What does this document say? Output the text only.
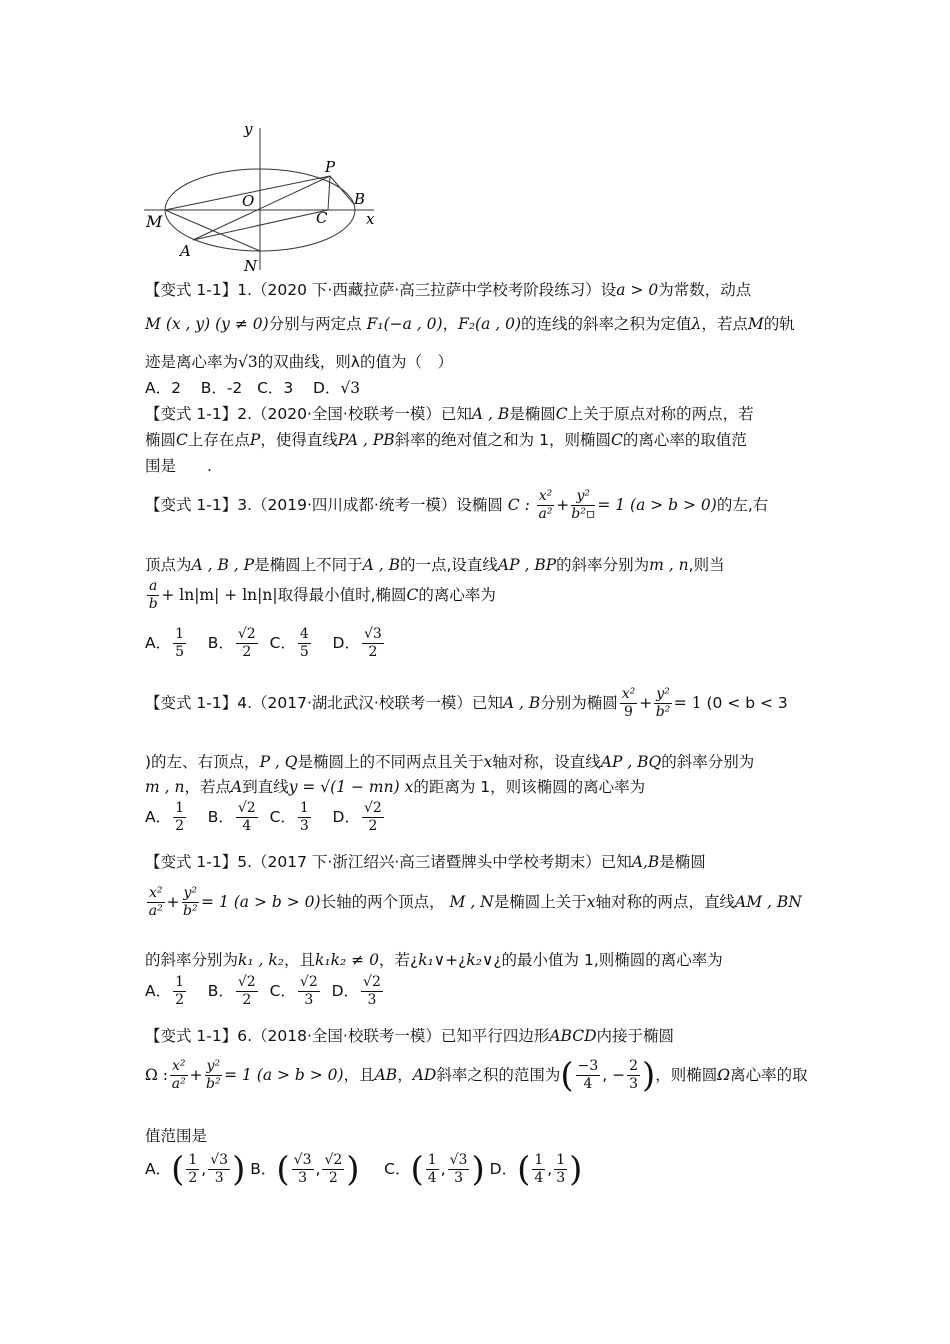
y
x
O
P
B
C
M
A
N
【变式 1-1】1.（2020 下·西藏拉萨·高三拉萨中学校考阶段练习）设a > 0为常数，动点
M (x , y) (y ≠ 0)分别与两定点 F₁(−a , 0)，F₂(a , 0)的连线的斜率之积为定值λ，若点M的轨
迹是离心率为√3的双曲线，则λ的值为（　）
A．2 B．-2 C．3 D．√3
【变式 1-1】2.（2020·全国·校联考一模）已知A , B是椭圆C上关于原点对称的两点，若
椭圆C上存在点P，使得直线PA , PB斜率的绝对值之和为 1，则椭圆C的离心率的取值范
围是　　.
【变式 1-1】3.（2019·四川成都·统考一模）设椭圆 C : $\frac{\text{x²}}{\text{a²}} + \frac{\text{y²}}{\text{b²▫}} = 1$ (a > b > 0)的左,右
顶点为A , B , P是椭圆上不同于A , B的一点,设直线AP , BP的斜率分别为m , n,则当
$\frac{a}{b} + \ln|m| + \ln|n|$取得最小值时,椭圆C的离心率为
A． $\frac{1}{5}$ B． $\frac{√2}{2}$ C． $\frac{4}{5}$ D． $\frac{√3}{2}$
【变式 1-1】4.（2017·湖北武汉·校联考一模）已知A , B分别为椭圆 $\frac{\text{x²}}{9} + \frac{\text{y²}}{\text{b²}} = 1$ (0 < b < 3
)的左、右顶点，P , Q是椭圆上的不同两点且关于x轴对称，设直线AP , BQ的斜率分别为
m , n，若点A到直线y = √(1 − mn) x的距离为 1，则该椭圆的离心率为
A． $\frac{1}{2}$ B． $\frac{√2}{4}$ C． $\frac{1}{3}$ D． $\frac{√2}{2}$
【变式 1-1】5.（2017 下·浙江绍兴·高三诸暨牌头中学校考期末）已知A,B是椭圆
$\frac{\text{x²}}{\text{a²}} + \frac{\text{y²}}{\text{b²}} = 1$ (a > b > 0)长轴的两个顶点， M , N是椭圆上关于x轴对称的两点，直线AM , BN
的斜率分别为k₁ , k₂，且k₁k₂ ≠ 0，若¿k₁∨+¿k₂∨¿的最小值为 1,则椭圆的离心率为
A． $\frac{1}{2}$ B． $\frac{√2}{2}$ C． $\frac{√2}{3}$ D． $\frac{√2}{3}$
【变式 1-1】6.（2018·全国·校联考一模）已知平行四边形ABCD内接于椭圆
Ω : $\frac{\text{x²}}{\text{a²}} + \frac{\text{y²}}{\text{b²}} = 1$ (a > b > 0)，且AB，AD斜率之积的范围为( $\frac{-3}{4}$ , − $\frac{2}{3}$ )，则椭圆Ω离心率的取
值范围是
A．( $\frac{1}{2}$ , $\frac{√3}{3}$ ) B．( $\frac{√3}{3}$ , $\frac{√2}{2}$ ) C．( $\frac{1}{4}$ , $\frac{√3}{3}$ ) D．( $\frac{1}{4}$ , $\frac{1}{3}$ )
